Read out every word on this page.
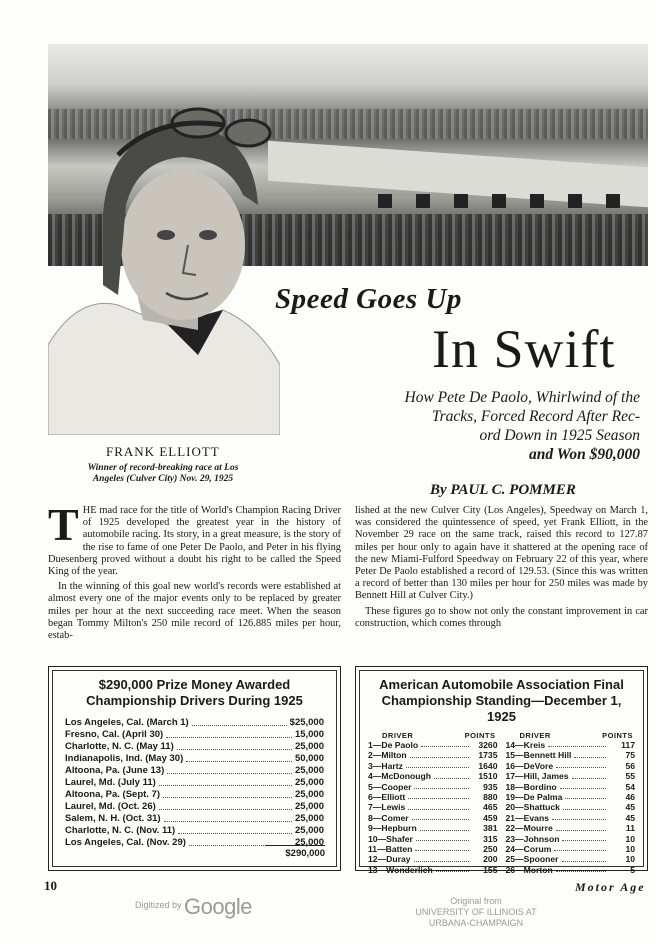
Speed Goes Up
In Swift
How Pete De Paolo, Whirlwind of the
Tracks, Forced Record After Rec-
ord Down in 1925 Season
and Won $90,000
By PAUL C. POMMER
FRANK ELLIOTT
Winner of record-breaking race at Los Angeles (Culver City) Nov. 29, 1925

THE mad race for the title of World's Champion Racing Driver of 1925 developed the greatest year in the history of automobile racing. Its story, in a great measure, is the story of the rise to fame of one Peter De Paolo, and Peter in his flying Duesenberg proved without a doubt his right to be called the Speed King of the year.

In the winning of this goal new world's records were established at almost every one of the major events only to be replaced by greater miles per hour at the next succeeding race meet. When the season began Tommy Milton's 250 mile record of 126.885 miles per hour, estab-

lished at the new Culver City (Los Angeles), Speedway on March 1, was considered the quintessence of speed, yet Frank Elliott, in the November 29 race on the same track, raised this record to 127.87 miles per hour only to again have it shattered at the opening race of the new Miami-Fulford Speedway on February 22 of this year, where Peter De Paolo established a record of 129.53. (Since this was written a record of better than 130 miles per hour for 250 miles was made by Bennett Hill at Culver City.)

These figures go to show not only the constant improvement in car construction, which comes through

$290,000 Prize Money Awarded Championship Drivers During 1925
Los Angeles, Cal. (March 1)	$25,000
Fresno, Cal. (April 30)	15,000
Charlotte, N. C. (May 11)	25,000
Indianapolis, Ind. (May 30)	50,000
Altoona, Pa. (June 13)	25,000
Laurel, Md. (July 11)	25,000
Altoona, Pa. (Sept. 7)	25,000
Laurel, Md. (Oct. 26)	25,000
Salem, N. H. (Oct. 31)	25,000
Charlotte, N. C. (Nov. 11)	25,000
Los Angeles, Cal. (Nov. 29)	25,000
$290,000
American Automobile Association Final Championship Standing—December 1, 1925
DRIVER	POINTS
1—De Paolo	3260
2—Milton	1735
3—Hartz	1640
4—McDonough	1510
5—Cooper	935
6—Elliott	880
7—Lewis	465
8—Comer	459
9—Hepburn	381
10—Shafer	315
11—Batten	250
12—Duray	200
13—Wonderlich	155
DRIVER	POINTS
14—Kreis	117
15—Bennett Hill	75
16—DeVore	56
17—Hill, James	55
18—Bordino	54
19—De Palma	46
20—Shattuck	45
21—Evans	45
22—Mourre	11
23—Johnson	10
24—Corum	10
25—Spooner	10
26—Morton	5
10	Motor Age
Digitized by Google	Original from
UNIVERSITY OF ILLINOIS AT
URBANA-CHAMPAIGN
